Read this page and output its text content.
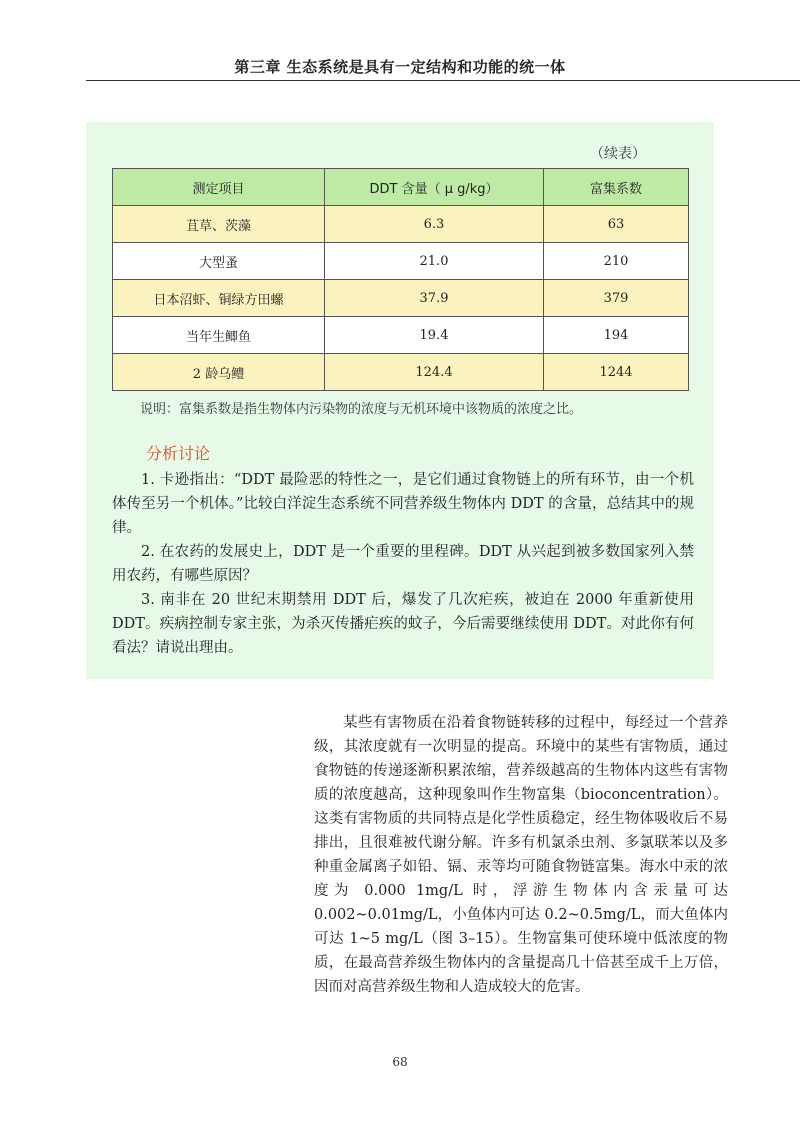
第三章 生态系统是具有一定结构和功能的统一体
（续表）
测定项目	DDT 含量（ μ g/kg）	富集系数
苴草、茨藻	6.3	63
大型蚤	21.0	210
日本沼虾、铜绿方田螺	37.9	379
当年生鲫鱼	19.4	194
2 龄乌鳢	124.4	1244
说明：富集系数是指生物体内污染物的浓度与无机环境中该物质的浓度之比。
分析讨论

1. 卡逊指出：“DDT 最险恶的特性之一，是它们通过食物链上的所有环节，由一个机体传至另一个机体。”比较白洋淀生态系统不同营养级生物体内 DDT 的含量，总结其中的规律。

2. 在农药的发展史上，DDT 是一个重要的里程碑。DDT 从兴起到被多数国家列入禁用农药，有哪些原因？

3. 南非在 20 世纪末期禁用 DDT 后，爆发了几次疟疾，被迫在 2000 年重新使用 DDT。疾病控制专家主张，为杀灭传播疟疾的蚊子，今后需要继续使用 DDT。对此你有何看法？请说出理由。

某些有害物质在沿着食物链转移的过程中，每经过一个营养级，其浓度就有一次明显的提高。环境中的某些有害物质，通过食物链的传递逐渐积累浓缩，营养级越高的生物体内这些有害物质的浓度越高，这种现象叫作生物富集（bioconcentration）。这类有害物质的共同特点是化学性质稳定，经生物体吸收后不易排出，且很难被代谢分解。许多有机氯杀虫剂、多氯联苯以及多种重金属离子如铅、镉、汞等均可随食物链富集。海水中汞的浓度为 0.000 1mg/L 时，浮游生物体内含汞量可达 0.002~0.01mg/L，小鱼体内可达 0.2~0.5mg/L，而大鱼体内可达 1~5 mg/L（图 3–15）。生物富集可使环境中低浓度的物质，在最高营养级生物体内的含量提高几十倍甚至成千上万倍，因而对高营养级生物和人造成较大的危害。

68
